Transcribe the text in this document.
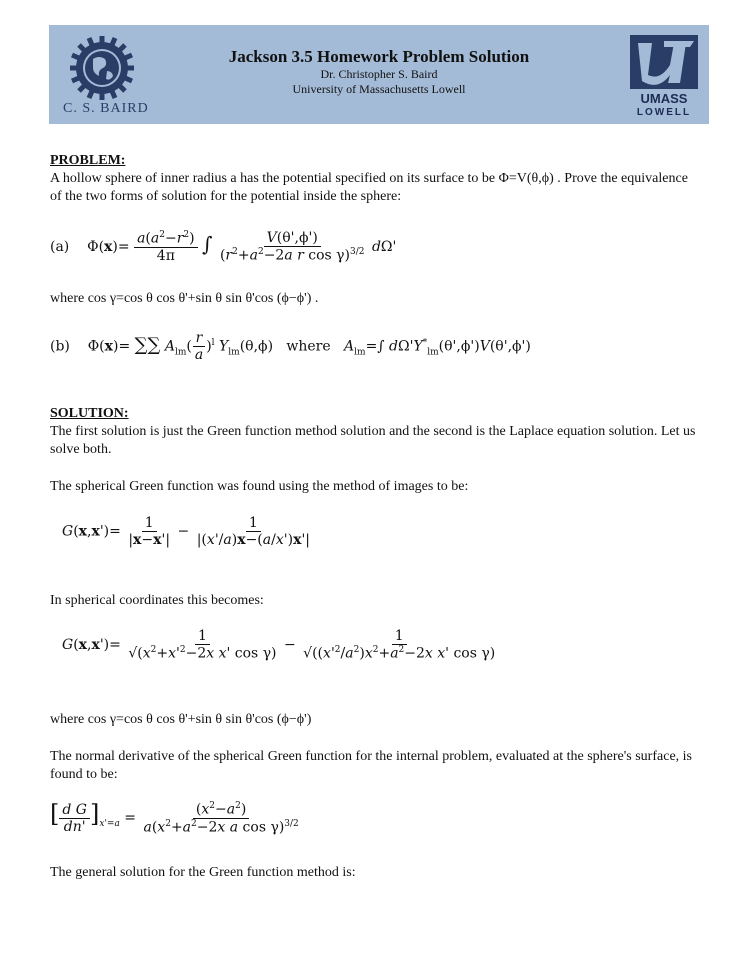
C. S. BAIRD
Jackson 3.5 Homework Problem Solution
Dr. Christopher S. Baird
University of Massachusetts Lowell
UMASS
LOWELL

PROBLEM:

A hollow sphere of inner radius a has the potential specified on its surface to be Φ=V(θ,ϕ) . Prove the equivalence of the two forms of solution for the potential inside the sphere:

(a) $\Phi(x)= \frac{a(a^2-r^2)}{4\pi}$ ∫ $\frac{V(\theta',\phi')}{(r^2+a^2-2a r \cos \gamma)^{3/2}} d\Omega'$

where cos γ=cos θ cos θ'+sin θ sin θ'cos (ϕ−ϕ') .

(b) Φ(x)= ∑∑ $A_{lm}( \frac{r}{a} )^l$ $Y_{lm}(\theta,\phi)$   where $A_{lm}=\int$ $d\Omega'Y^*_{lm}(\theta',\phi')V(\theta',\phi')$

SOLUTION:

The first solution is just the Green function method solution and the second is the Laplace equation solution. Let us solve both.

The spherical Green function was found using the method of images to be:

$G(x,x')= \frac{1}{|x-x'|} - \frac{1}{|(x'/a)x-(a/x')x'|}$

In spherical coordinates this becomes:

$G(x,x')= \frac{1}{√(x^2+x'^2-2x x' \cos \gamma)} - \frac{1}{√((x'^2/a^2)x^2+a^2-2x x' \cos \gamma)}$

where cos γ=cos θ cos θ'+sin θ sin θ'cos (ϕ−ϕ')

The normal derivative of the spherical Green function for the internal problem, evaluated at the sphere's surface, is found to be:

[ $\frac{\text{d G}}{dn'} ]_{x'=a} = \frac{(x^2-a^2)}{a(x^2+a^2-2x a \cos \gamma)^{3/2}}$

The general solution for the Green function method is:
